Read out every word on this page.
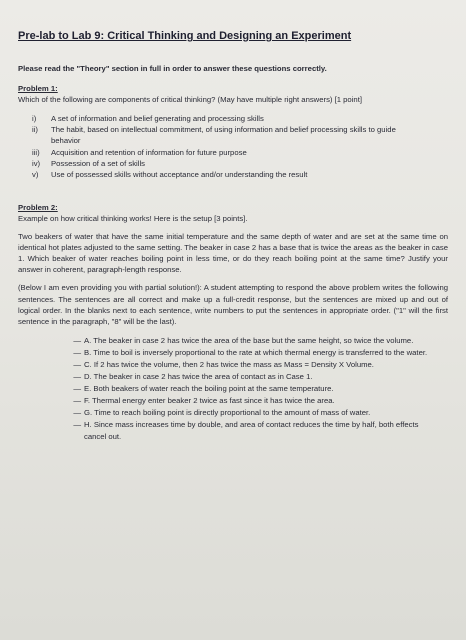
Pre-lab to Lab 9: Critical Thinking and Designing an Experiment

Please read the "Theory" section in full in order to answer these questions correctly.

Problem 1:

Which of the following are components of critical thinking? (May have multiple right answers) [1 point]

i)	A set of information and belief generating and processing skills
ii)	The habit, based on intellectual commitment, of using information and belief processing skills to guide behavior
iii)	Acquisition and retention of information for future purpose
iv)	Possession of a set of skills
v)	Use of possessed skills without acceptance and/or understanding the result

Problem 2:

Example on how critical thinking works! Here is the setup [3 points].

Two beakers of water that have the same initial temperature and the same depth of water and are set at the same time on identical hot plates adjusted to the same setting. The beaker in case 2 has a base that is twice the areas as the beaker in case 1. Which beaker of water reaches boiling point in less time, or do they reach boiling point at the same time? Justify your answer in coherent, paragraph-length response.

(Below I am even providing you with partial solution!): A student attempting to respond the above problem writes the following sentences. The sentences are all correct and make up a full-credit response, but the sentences are mixed up and out of logical order. In the blanks next to each sentence, write numbers to put the sentences in appropriate order. ("1" will the first sentence in the paragraph, "8" will be the last).

— A. The beaker in case 2 has twice the area of the base but the same height, so twice the volume.
— B. Time to boil is inversely proportional to the rate at which thermal energy is transferred to the water.
— C. If 2 has twice the volume, then 2 has twice the mass as Mass = Density X Volume.
— D. The beaker in case 2 has twice the area of contact as in Case 1.
— E. Both beakers of water reach the boiling point at the same temperature.
— F. Thermal energy enter beaker 2 twice as fast since it has twice the area.
— G. Time to reach boiling point is directly proportional to the amount of mass of water.
— H. Since mass increases time by double, and area of contact reduces the time by half, both effects cancel out.
